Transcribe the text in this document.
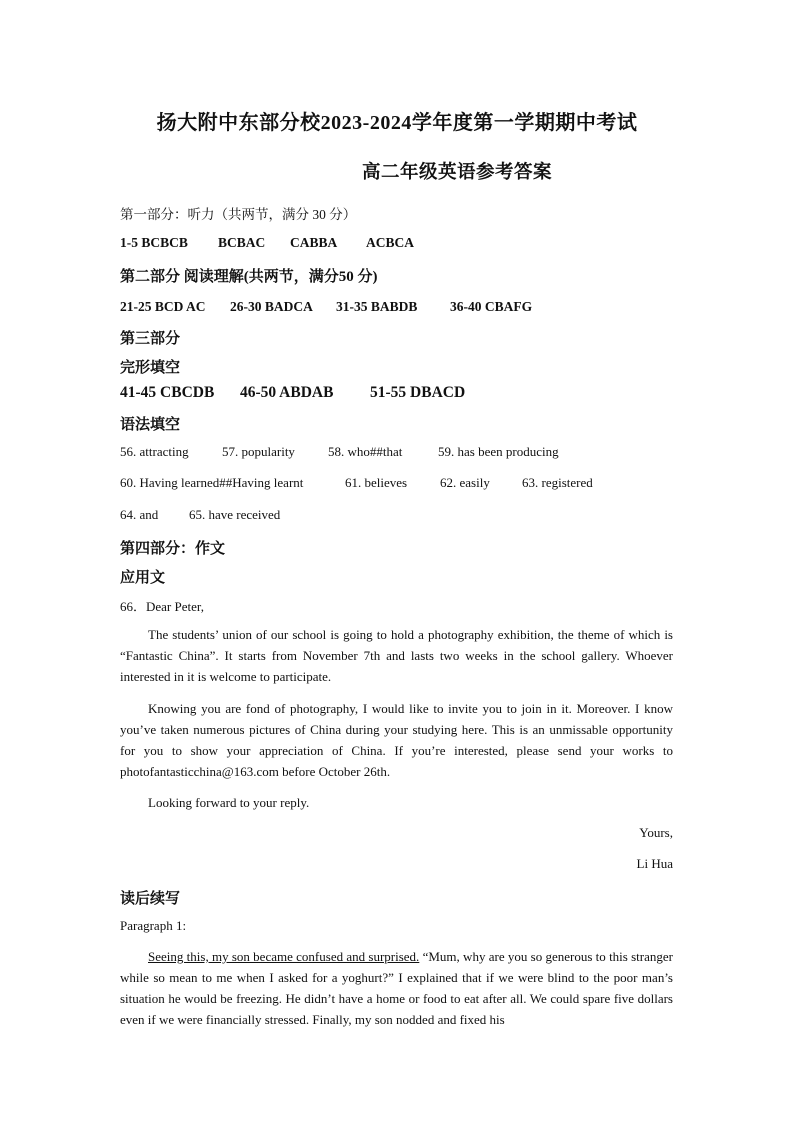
扬大附中东部分校2023-2024学年度第一学期期中考试
高二年级英语参考答案
第一部分：听力（共两节，满分 30 分）
1-5 BCBCB BCBAC CABBA ACBCA
第二部分 阅读理解(共两节，满分50 分)
21-25 BCD AC 26-30 BADCA 31-35 BABDB 36-40 CBAFG
第三部分
完形填空
41-45 CBCDB 46-50 ABDAB 51-55 DBACD
语法填空
56. attracting	57. popularity	58. who##that	59. has been producing
60. Having learned##Having learnt	61. believes	62. easily 63. registered
64. and 65. have received
第四部分：作文
应用文
66．Dear Peter,
The students’ union of our school is going to hold a photography exhibition, the theme of which is “Fantastic China”. It starts from November 7th and lasts two weeks in the school gallery. Whoever interested in it is welcome to participate.
Knowing you are fond of photography, I would like to invite you to join in it. Moreover. I know you’ve taken numerous pictures of China during your studying here. This is an unmissable opportunity for you to show your appreciation of China. If you’re interested, please send your works to photofantasticchina@163.com before October 26th.
Looking forward to your reply.
Yours,
Li Hua
读后续写
Paragraph 1:
Seeing this, my son became confused and surprised. “Mum, why are you so generous to this stranger while so mean to me when I asked for a yoghurt?” I explained that if we were blind to the poor man’s situation he would be freezing. He didn’t have a home or food to eat after all. We could spare five dollars even if we were financially stressed. Finally, my son nodded and fixed his
